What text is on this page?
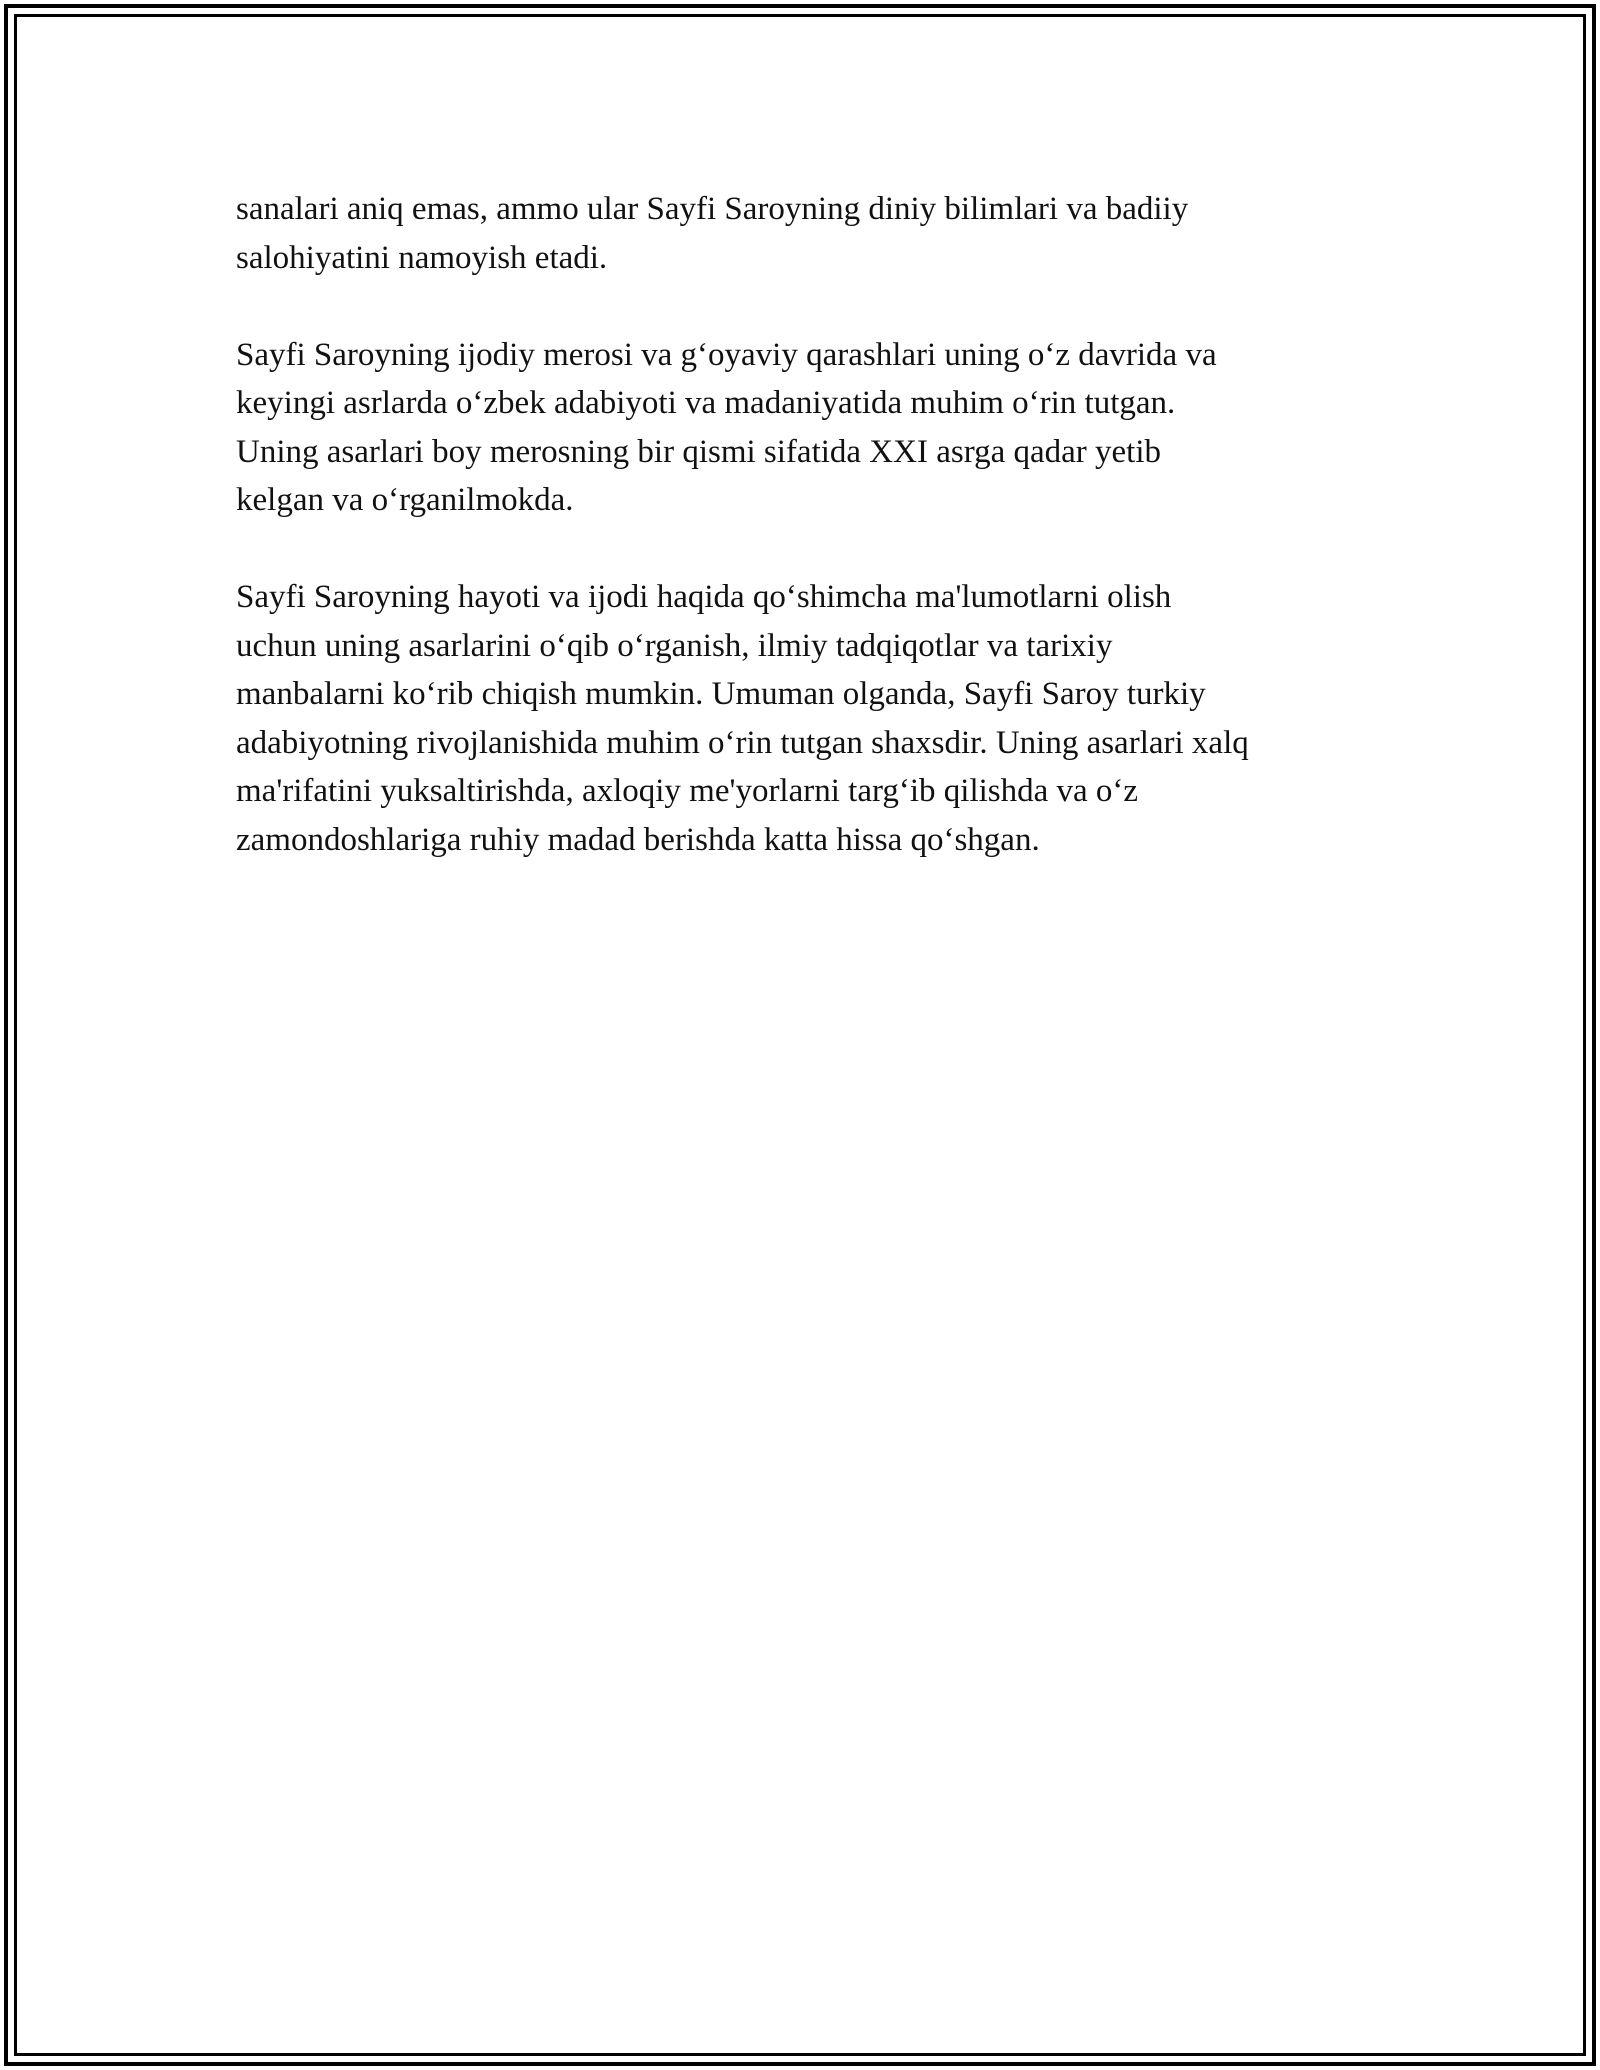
sanalari aniq emas, ammo ular Sayfi Saroyning diniy bilimlari va badiiy
salohiyatini namoyish etadi.

Sayfi Saroyning ijodiy merosi va g‘oyaviy qarashlari uning o‘z davrida va
keyingi asrlarda o‘zbek adabiyoti va madaniyatida muhim o‘rin tutgan.
Uning asarlari boy merosning bir qismi sifatida XXI asrga qadar yetib
kelgan va o‘rganilmokda.

Sayfi Saroyning hayoti va ijodi haqida qo‘shimcha ma'lumotlarni olish
uchun uning asarlarini o‘qib o‘rganish, ilmiy tadqiqotlar va tarixiy
manbalarni ko‘rib chiqish mumkin. Umuman olganda, Sayfi Saroy turkiy
adabiyotning rivojlanishida muhim o‘rin tutgan shaxsdir. Uning asarlari xalq
ma'rifatini yuksaltirishda, axloqiy me'yorlarni targ‘ib qilishda va o‘z
zamondoshlariga ruhiy madad berishda katta hissa qo‘shgan.
